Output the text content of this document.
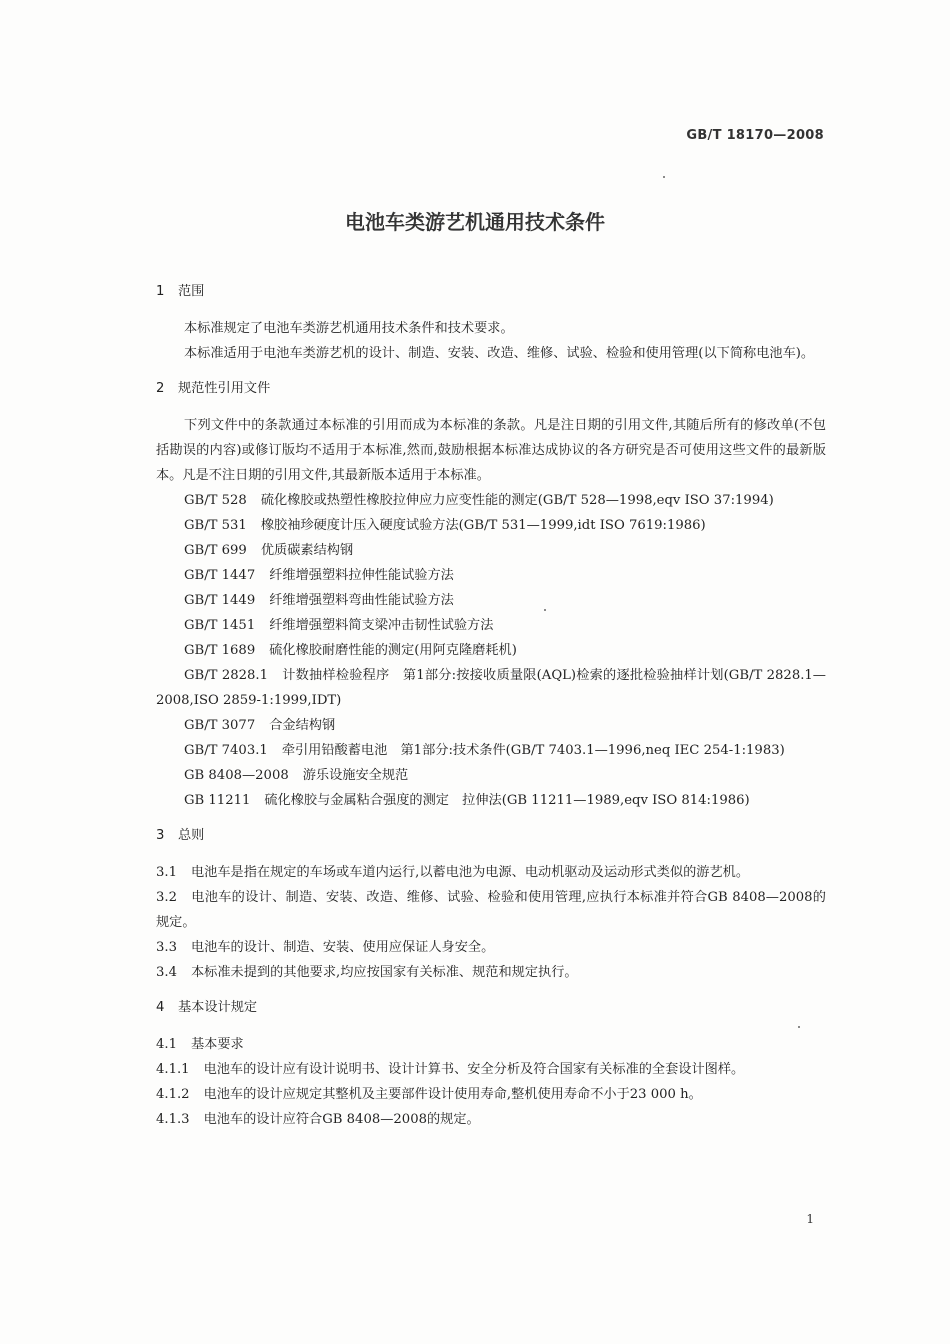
GB/T 18170—2008
电池车类游艺机通用技术条件
1 范围

本标准规定了电池车类游艺机通用技术条件和技术要求。

本标准适用于电池车类游艺机的设计、制造、安装、改造、维修、试验、检验和使用管理(以下简称电池车)。

2 规范性引用文件

下列文件中的条款通过本标准的引用而成为本标准的条款。凡是注日期的引用文件,其随后所有的修改单(不包括勘误的内容)或修订版均不适用于本标准,然而,鼓励根据本标准达成协议的各方研究是否可使用这些文件的最新版本。凡是不注日期的引用文件,其最新版本适用于本标准。

GB/T 528 硫化橡胶或热塑性橡胶拉伸应力应变性能的测定(GB/T 528—1998,eqv ISO 37:1994)

GB/T 531 橡胶袖珍硬度计压入硬度试验方法(GB/T 531—1999,idt ISO 7619:1986)

GB/T 699 优质碳素结构钢

GB/T 1447 纤维增强塑料拉伸性能试验方法

GB/T 1449 纤维增强塑料弯曲性能试验方法

GB/T 1451 纤维增强塑料简支梁冲击韧性试验方法

GB/T 1689 硫化橡胶耐磨性能的测定(用阿克隆磨耗机)

GB/T 2828.1 计数抽样检验程序　第1部分:按接收质量限(AQL)检索的逐批检验抽样计划(GB/T 2828.1—2008,ISO 2859-1:1999,IDT)

GB/T 3077 合金结构钢

GB/T 7403.1 牵引用铅酸蓄电池　第1部分:技术条件(GB/T 7403.1—1996,neq IEC 254-1:1983)

GB 8408—2008 游乐设施安全规范

GB 11211 硫化橡胶与金属粘合强度的测定　拉伸法(GB 11211—1989,eqv ISO 814:1986)

3 总则

3.1 电池车是指在规定的车场或车道内运行,以蓄电池为电源、电动机驱动及运动形式类似的游艺机。

3.2 电池车的设计、制造、安装、改造、维修、试验、检验和使用管理,应执行本标准并符合GB 8408—2008的规定。

3.3 电池车的设计、制造、安装、使用应保证人身安全。

3.4 本标准未提到的其他要求,均应按国家有关标准、规范和规定执行。

4 基本设计规定

4.1 基本要求

4.1.1 电池车的设计应有设计说明书、设计计算书、安全分析及符合国家有关标准的全套设计图样。

4.1.2 电池车的设计应规定其整机及主要部件设计使用寿命,整机使用寿命不小于23 000 h。

4.1.3 电池车的设计应符合GB 8408—2008的规定。

1
